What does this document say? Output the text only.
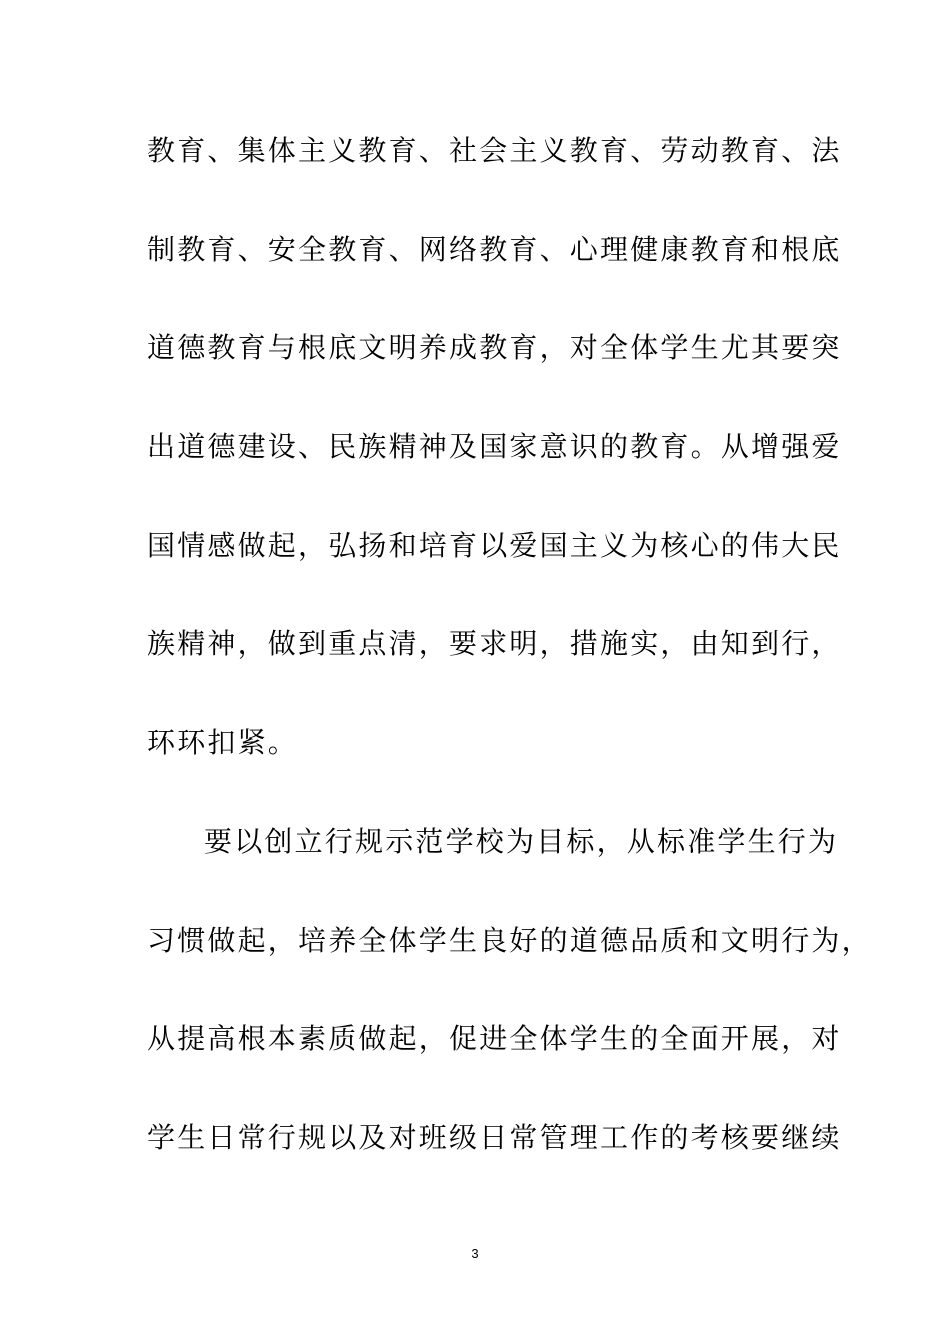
教育、集体主义教育、社会主义教育、劳动教育、法
制教育、安全教育、网络教育、心理健康教育和根底
道德教育与根底文明养成教育，对全体学生尤其要突
出道德建设、民族精神及国家意识的教育。从增强爱
国情感做起，弘扬和培育以爱国主义为核心的伟大民
族精神，做到重点清，要求明，措施实，由知到行，
环环扣紧。
要以创立行规示范学校为目标，从标准学生行为
习惯做起，培养全体学生良好的道德品质和文明行为，
从提高根本素质做起，促进全体学生的全面开展，对
学生日常行规以及对班级日常管理工作的考核要继续
3
